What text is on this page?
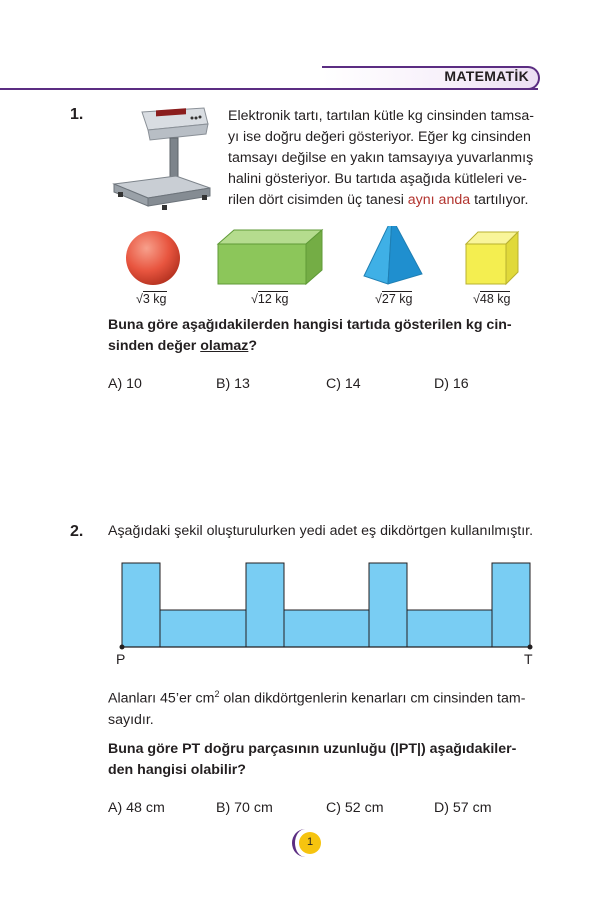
MATEMATİK
1.	Elektronik tartı, tartılan kütle kg cinsinden tamsa-
yı ise doğru değeri gösteriyor. Eğer kg cinsinden
tamsayı değilse en yakın tamsayıya yuvarlanmış
halini gösteriyor. Bu tartıda aşağıda kütleleri ve-
rilen dört cisimden üç tanesi aynı anda tartılıyor.
√3 kg	√12 kg	√27 kg	√48 kg
Buna göre aşağıdakilerden hangisi tartıda gösterilen kg cin-
sinden değer olamaz?
A) 10	B) 13	C) 14	D) 16
2. Aşağıdaki şekil oluşturulurken yedi adet eş dikdörtgen kullanılmıştır.
P	T
Alanları 45’er $cm^2$ olan dikdörtgenlerin kenarları cm cinsinden tam-
sayıdır.
Buna göre PT doğru parçasının uzunluğu (|PT|) aşağıdakiler-
den hangisi olabilir?
A) 48 cm	B) 70 cm	C) 52 cm	D) 57 cm
1
